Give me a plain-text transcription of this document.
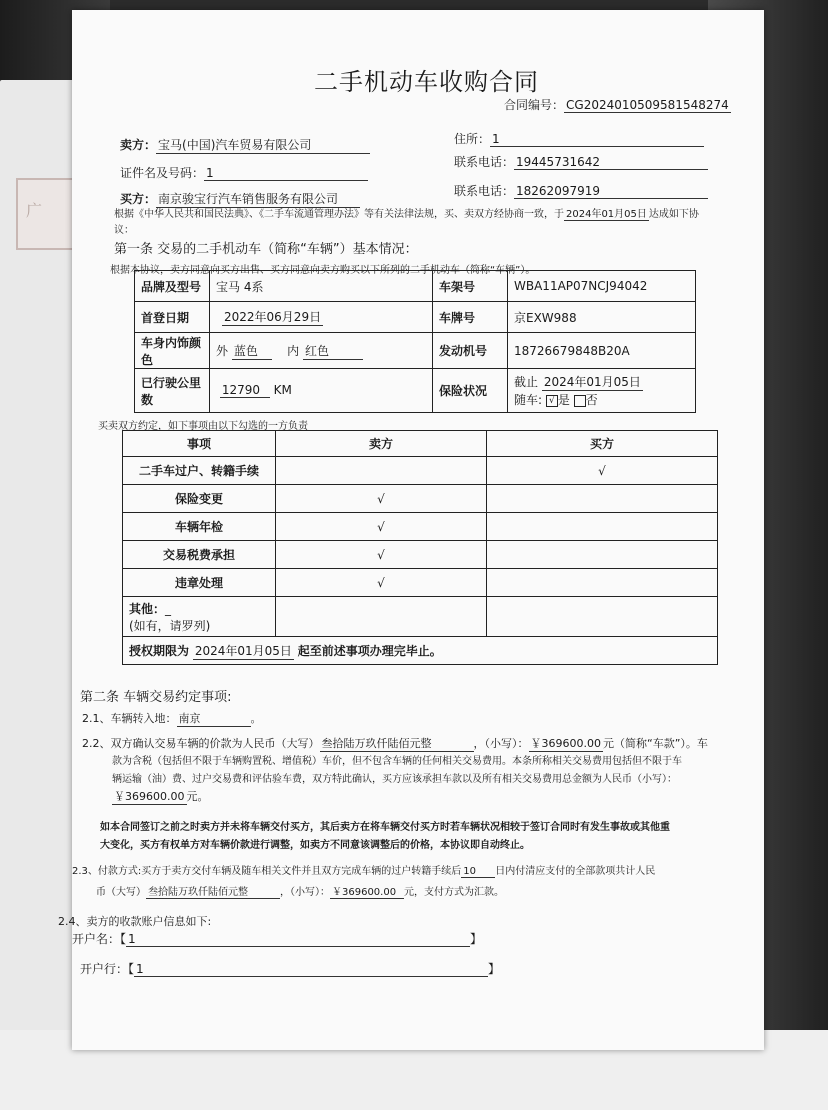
广
二手机动车收购合同
合同编号： CG2024010509581548274
卖方： 宝马(中国)汽车贸易有限公司	住所： 1
证件名及号码： 1
联系电话： 19445731642
买方： 南京骏宝行汽车销售服务有限公司
联系电话： 18262097919
根据《中华人民共和国民法典》、《二手车流通管理办法》等有关法律法规，买、卖双方经协商一致，于 2024年01月05日 达成如下协
议：
第一条 交易的二手机动车（简称“车辆”）基本情况：
根据本协议，卖方同意向买方出售、买方同意向卖方购买以下所列的二手机动车（简称“车辆”）。
品牌及型号	宝马 4系	车架号	WBA11AP07NCJ94042
首登日期	2022年06月29日	车牌号	京EXW988
车身内饰颜色	外 蓝色 内 红色	发动机号	18726679848B20A
已行驶公里数	12790 KM	保险状况	截止 2024年01月05日
随车: √ 是 否
买卖双方约定，如下事项由以下勾选的一方负责
事项	卖方	买方
二手车过户、转籍手续		√
保险变更	√	
车辆年检	√	
交易税费承担	√	
违章处理	√	

其他：_
(如有，请罗列)		

授权期限为 2024年01月05日 起至前述事项办理完毕止。		
第二条 车辆交易约定事项:
2.1、车辆转入地： 南京	。
2.2、双方确认交易车辆的价款为人民币（大写） 叁拾陆万玖仟陆佰元整	，（小写）： ￥369600.00 元（简称“车款”）。车
款为含税（包括但不限于车辆购置税、增值税）车价，但不包含车辆的任何相关交易费用。本条所称相关交易费用包括但不限于车
辆运输（油）费、过户交易费和评估验车费，双方特此确认，买方应该承担车款以及所有相关交易费用总金额为人民币（小写）：
￥369600.00 元。
如本合同签订之前之时卖方并未将车辆交付买方，其后卖方在将车辆交付买方时若车辆状况相较于签订合同时有发生事故或其他重
大变化，买方有权单方对车辆价款进行调整，如卖方不同意该调整后的价格，本协议即自动终止。
2.3、付款方式:买方于卖方交付车辆及随车相关文件并且双方完成车辆的过户转籍手续后 10 日内付清应支付的全部款项共计人民
币（大写） 叁拾陆万玖仟陆佰元整	，（小写）： ￥369600.00 元，支付方式为汇款。
2.4、卖方的收款账户信息如下:
开户名：【 1	】
开户行：【 1	】
